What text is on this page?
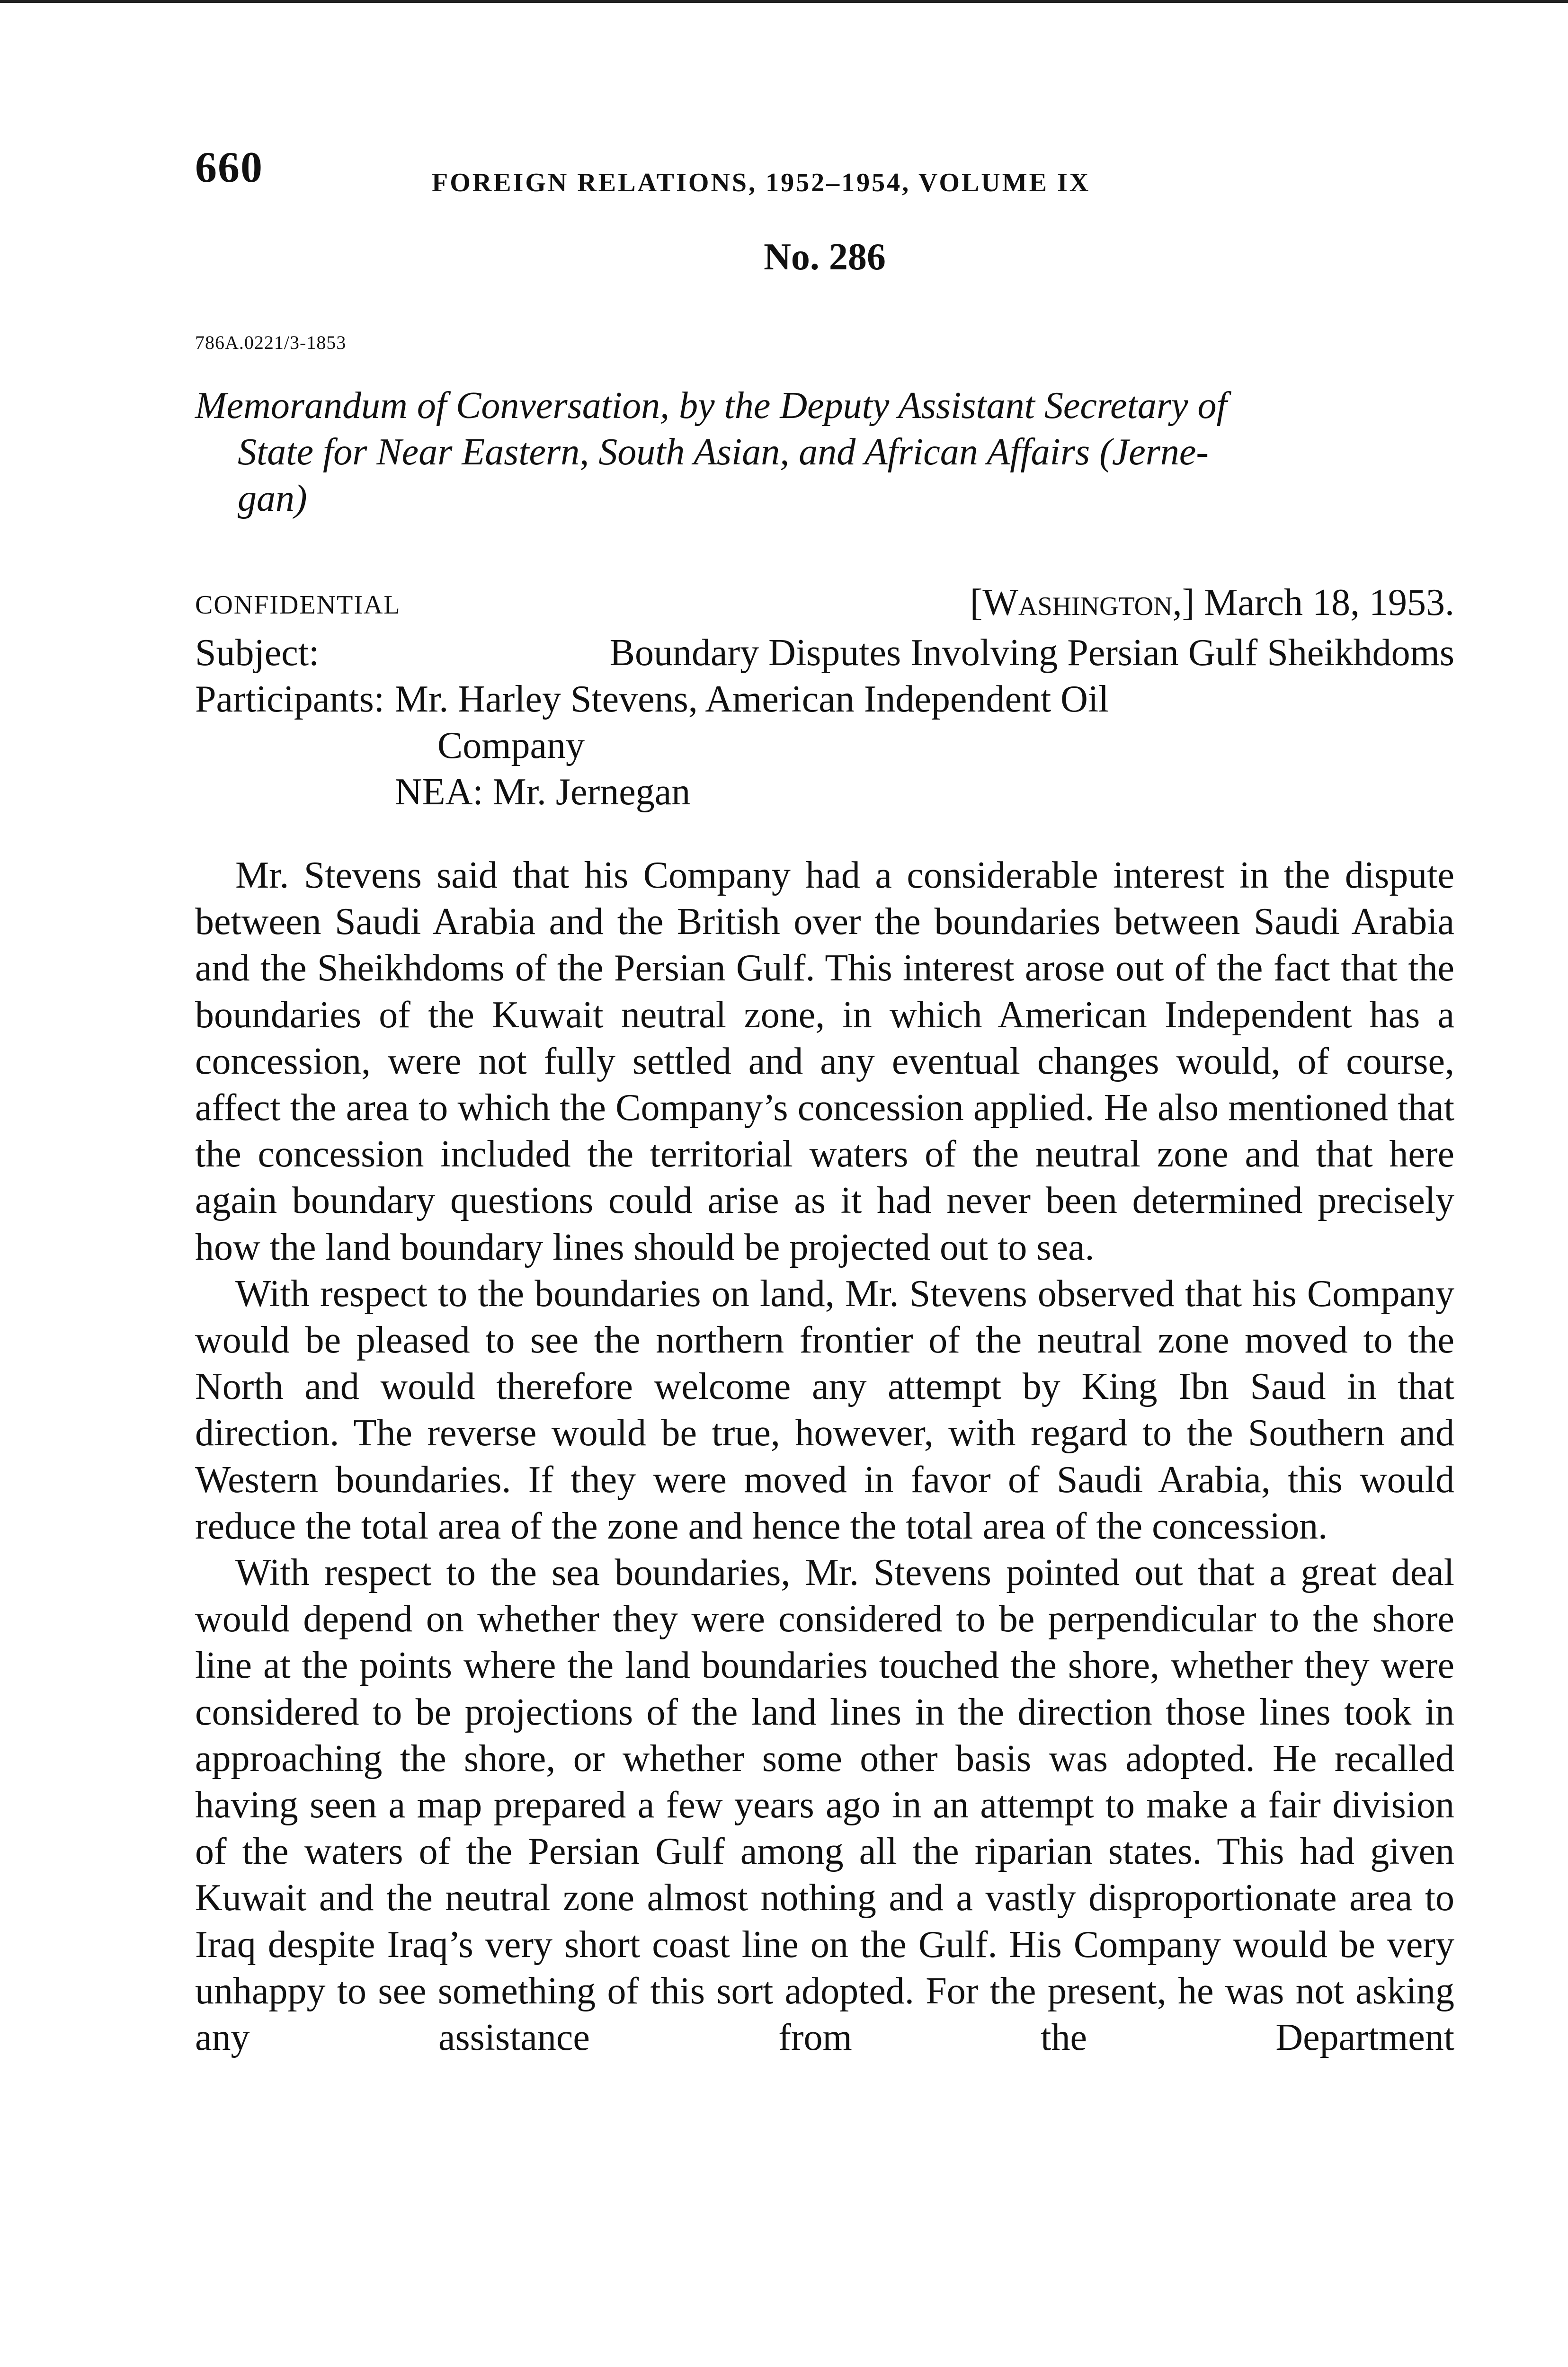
660	FOREIGN RELATIONS, 1952–1954, VOLUME IX
No. 286
786A.0221/3-1853
Memorandum of Conversation, by the Deputy Assistant Secretary of
State for Near Eastern, South Asian, and African Affairs (Jerne-
gan)
CONFIDENTIAL	[Washington,] March 18, 1953.
Subject:	Boundary Disputes Involving Persian Gulf Sheikhdoms
Participants: Mr. Harley Stevens, American Independent Oil
Company
NEA: Mr. Jernegan

Mr. Stevens said that his Company had a considerable interest in the dispute between Saudi Arabia and the British over the boundaries between Saudi Arabia and the Sheikhdoms of the Persian Gulf. This interest arose out of the fact that the boundaries of the Kuwait neutral zone, in which American Independent has a concession, were not fully settled and any eventual changes would, of course, affect the area to which the Company’s concession applied. He also mentioned that the concession included the territorial waters of the neutral zone and that here again boundary questions could arise as it had never been determined precisely how the land boundary lines should be projected out to sea.

With respect to the boundaries on land, Mr. Stevens observed that his Company would be pleased to see the northern frontier of the neutral zone moved to the North and would therefore welcome any attempt by King Ibn Saud in that direction. The reverse would be true, however, with regard to the Southern and Western boundaries. If they were moved in favor of Saudi Arabia, this would reduce the total area of the zone and hence the total area of the concession.

With respect to the sea boundaries, Mr. Stevens pointed out that a great deal would depend on whether they were considered to be perpendicular to the shore line at the points where the land boundaries touched the shore, whether they were considered to be projections of the land lines in the direction those lines took in approaching the shore, or whether some other basis was adopted. He recalled having seen a map prepared a few years ago in an attempt to make a fair division of the waters of the Persian Gulf among all the riparian states. This had given Kuwait and the neutral zone almost nothing and a vastly disproportionate area to Iraq despite Iraq’s very short coast line on the Gulf. His Company would be very unhappy to see something of this sort adopted. For the present, he was not asking any assistance from the Department
